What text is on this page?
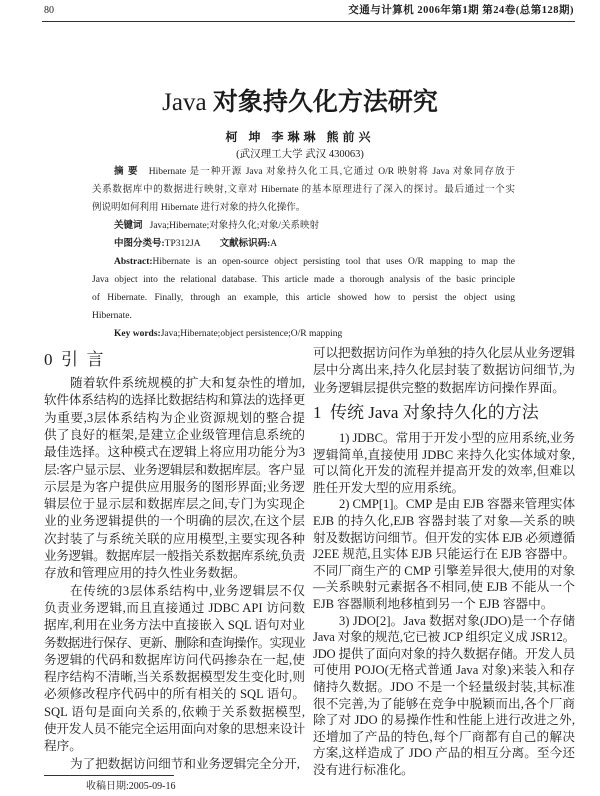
80	交通与计算机 2006年第1期 第24卷(总第128期)
Java 对象持久化方法研究
柯 坤 李琳琳 熊前兴
(武汉理工大学 武汉 430063)
摘 要 Hibernate 是一种开源 Java 对象持久化工具,它通过 O/R 映射将 Java 对象同存放于
关系数据库中的数据进行映射,文章对 Hibernate 的基本原理进行了深入的探讨。最后通过一个实
例说明如何利用 Hibernate 进行对象的持久化操作。
关键词 Java;Hibernate;对象持久化;对象/关系映射
中图分类号:TP312JA 文献标识码:A
Abstract:Hibernate is an open-source object persisting tool that uses O/R mapping to map the
Java object into the relational database. This article made a thorough analysis of the basic principle
of Hibernate. Finally, through an example, this article showed how to persist the object using
Hibernate.
Key words:Java;Hibernate;object persistence;O/R mapping
0  引  言
随着软件系统规模的扩大和复杂性的增加,
软件体系结构的选择比数据结构和算法的选择更
为重要,3层体系结构为企业资源规划的整合提
供了良好的框架,是建立企业级管理信息系统的
最佳选择。这种模式在逻辑上将应用功能分为3
层:客户显示层、业务逻辑层和数据库层。客户显
示层是为客户提供应用服务的图形界面;业务逻
辑层位于显示层和数据库层之间,专门为实现企
业的业务逻辑提供的一个明确的层次,在这个层
次封装了与系统关联的应用模型,主要实现各种
业务逻辑。数据库层一般指关系数据库系统,负责
存放和管理应用的持久性业务数据。
在传统的3层体系结构中,业务逻辑层不仅
负责业务逻辑,而且直接通过 JDBC API 访问数
据库,利用在业务方法中直接嵌入 SQL 语句对业
务数据进行保存、更新、删除和查询操作。实现业
务逻辑的代码和数据库访问代码掺杂在一起,使
程序结构不清晰,当关系数据模型发生变化时,则
必须修改程序代码中的所有相关的 SQL 语句。
SQL 语句是面向关系的,依赖于关系数据模型,
使开发人员不能完全运用面向对象的思想来设计
程序。
为了把数据访问细节和业务逻辑完全分开,
可以把数据访问作为单独的持久化层从业务逻辑
层中分离出来,持久化层封装了数据访问细节,为
业务逻辑层提供完整的数据库访问操作界面。
1  传统 Java 对象持久化的方法
1) JDBC。常用于开发小型的应用系统,业务
逻辑简单,直接使用 JDBC 来持久化实体域对象,
可以简化开发的流程并提高开发的效率,但难以
胜任开发大型的应用系统。
2) CMP[1]。CMP 是由 EJB 容器来管理实体
EJB 的持久化,EJB 容器封装了对象—关系的映
射及数据访问细节。但开发的实体 EJB 必须遵循
J2EE 规范,且实体 EJB 只能运行在 EJB 容器中。
不同厂商生产的 CMP 引擎差异很大,使用的对象
—关系映射元素据各不相同,使 EJB 不能从一个
EJB 容器顺利地移植到另一个 EJB 容器中。
3) JDO[2]。Java 数据对象(JDO)是一个存储
Java 对象的规范,它已被 JCP 组织定义成 JSR12。
JDO 提供了面向对象的持久数据存储。开发人员
可使用 POJO(无格式普通 Java 对象)来装入和存
储持久数据。JDO 不是一个轻量级封装,其标准
很不完善,为了能够在竞争中脱颖而出,各个厂商
除了对 JDO 的易操作性和性能上进行改进之外,
还增加了产品的特色,每个厂商都有自己的解决
方案,这样造成了 JDO 产品的相互分离。至今还
没有进行标准化。
收稿日期:2005-09-16
